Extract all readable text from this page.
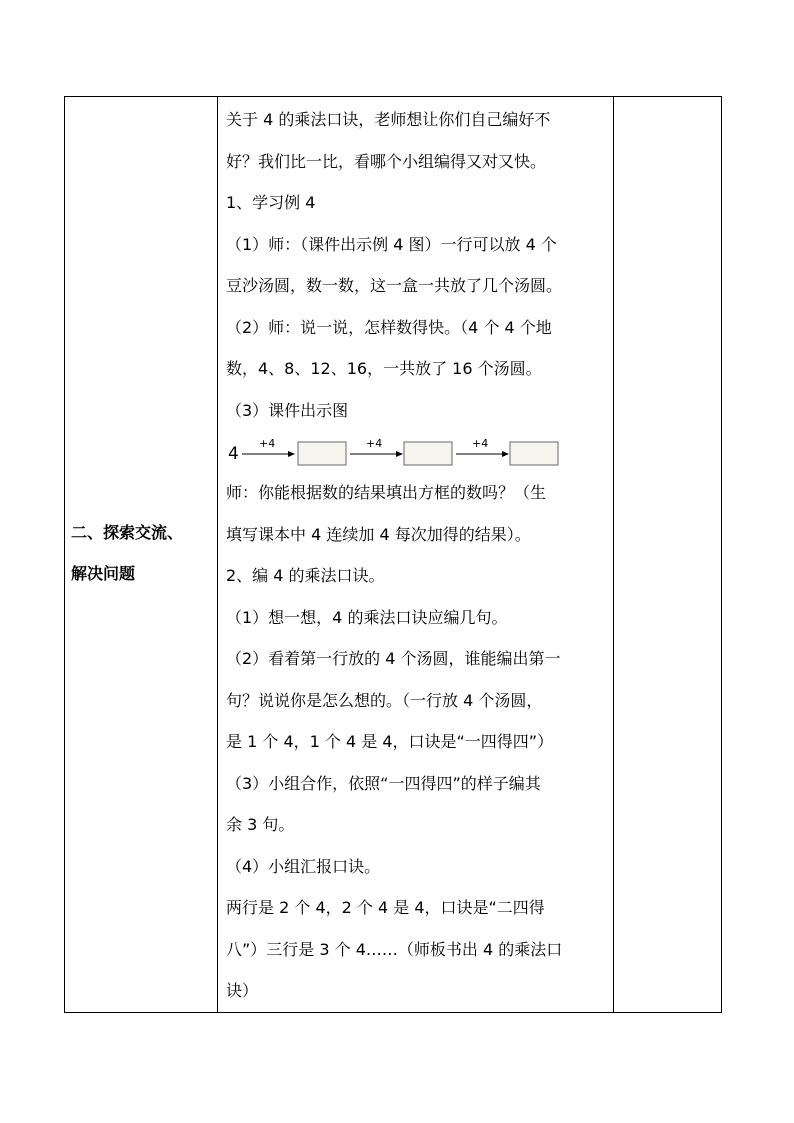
二、探索交流、
解决问题

关于 4 的乘法口诀，老师想让你们自己编好不
好？我们比一比，看哪个小组编得又对又快。
1、学习例 4
（1）师：（课件出示例 4 图）一行可以放 4 个
豆沙汤圆，数一数，这一盒一共放了几个汤圆。
（2）师：说一说，怎样数得快。（4 个 4 个地
数，4、8、12、16，一共放了 16 个汤圆。
（3）课件出示图
4
+4	+4	+4
师：你能根据数的结果填出方框的数吗？（生
填写课本中 4 连续加 4 每次加得的结果）。
2、编 4 的乘法口诀。
（1）想一想，4 的乘法口诀应编几句。
（2）看着第一行放的 4 个汤圆，谁能编出第一
句？说说你是怎么想的。（一行放 4 个汤圆，
是 1 个 4，1 个 4 是 4，口诀是“一四得四”）
（3）小组合作，依照“一四得四”的样子编其
余 3 句。
（4）小组汇报口诀。
两行是 2 个 4，2 个 4 是 4，口诀是“二四得
八”）三行是 3 个 4……（师板书出 4 的乘法口
诀）
